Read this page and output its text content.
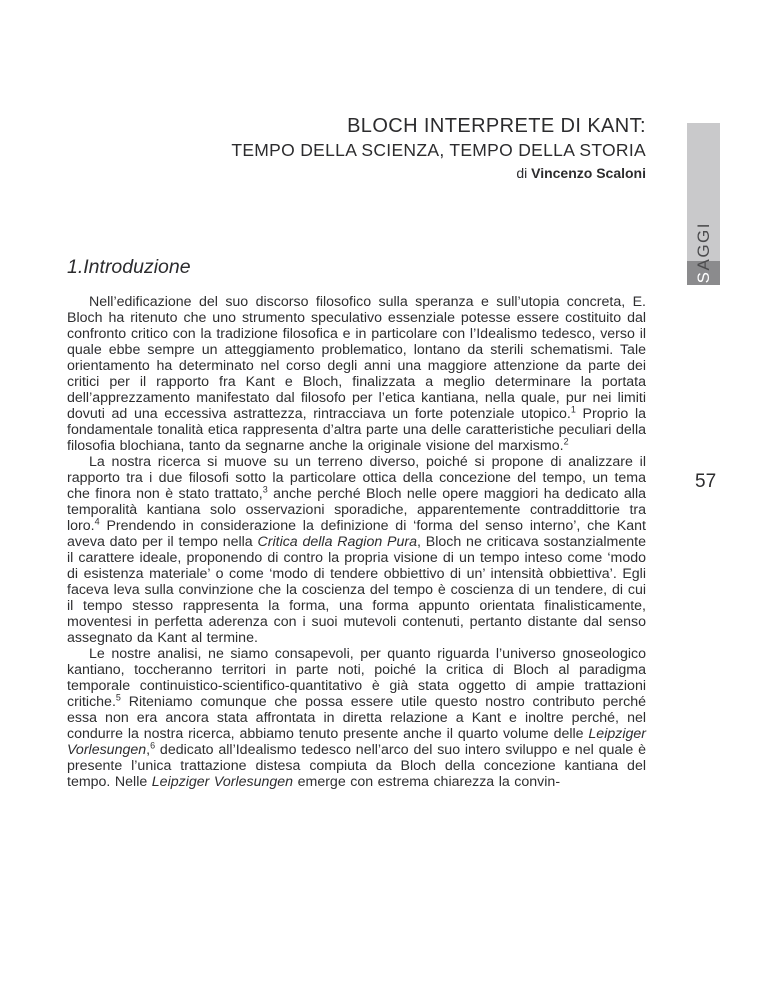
BLOCH INTERPRETE DI KANT:
TEMPO DELLA SCIENZA, TEMPO DELLA STORIA
di Vincenzo Scaloni
SAGGI
57
1.Introduzione

Nell’edificazione del suo discorso filosofico sulla speranza e sull’utopia concreta, E. Bloch ha ritenuto che uno strumento speculativo essenziale potesse essere costituito dal confronto critico con la tradizione filosofica e in particolare con l’Idealismo tedesco, verso il quale ebbe sempre un atteggiamento problematico, lontano da sterili schematismi. Tale orientamento ha determinato nel corso degli anni una maggiore attenzione da parte dei critici per il rapporto fra Kant e Bloch, finalizzata a meglio determinare la portata dell’apprezzamento manifestato dal filosofo per l’etica kantiana, nella quale, pur nei limiti dovuti ad una eccessiva astrattezza, rintracciava un forte potenziale utopico.$^1$ Proprio la fondamentale tonalità etica rappresenta d’altra parte una delle caratteristiche peculiari della filosofia blochiana, tanto da segnarne anche la originale visione del marxismo.$^2$

La nostra ricerca si muove su un terreno diverso, poiché si propone di analizzare il rapporto tra i due filosofi sotto la particolare ottica della concezione del tempo, un tema che finora non è stato trattato,$^3$ anche perché Bloch nelle opere maggiori ha dedicato alla temporalità kantiana solo osservazioni sporadiche, apparentemente contraddittorie tra loro.$^4$ Prendendo in considerazione la definizione di ‘forma del senso interno’, che Kant aveva dato per il tempo nella Critica della Ragion Pura, Bloch ne criticava sostanzialmente il carattere ideale, proponendo di contro la propria visione di un tempo inteso come ‘modo di esistenza materiale’ o come ‘modo di tendere obbiettivo di un’ intensità obbiettiva’. Egli faceva leva sulla convinzione che la coscienza del tempo è coscienza di un tendere, di cui il tempo stesso rappresenta la forma, una forma appunto orientata finalisticamente, moventesi in perfetta aderenza con i suoi mutevoli contenuti, pertanto distante dal senso assegnato da Kant al termine.

Le nostre analisi, ne siamo consapevoli, per quanto riguarda l’universo gnoseologico kantiano, toccheranno territori in parte noti, poiché la critica di Bloch al paradigma temporale continuistico-scientifico-quantitativo è già stata oggetto di ampie trattazioni critiche.$^5$ Riteniamo comunque che possa essere utile questo nostro contributo perché essa non era ancora stata affrontata in diretta relazione a Kant e inoltre perché, nel condurre la nostra ricerca, abbiamo tenuto presente anche il quarto volume delle Leipziger Vorlesungen,$^6$ dedicato all’Idealismo tedesco nell’arco del suo intero sviluppo e nel quale è presente l’unica trattazione distesa compiuta da Bloch della concezione kantiana del tempo. Nelle Leipziger Vorlesungen emerge con estrema chiarezza la convin-
